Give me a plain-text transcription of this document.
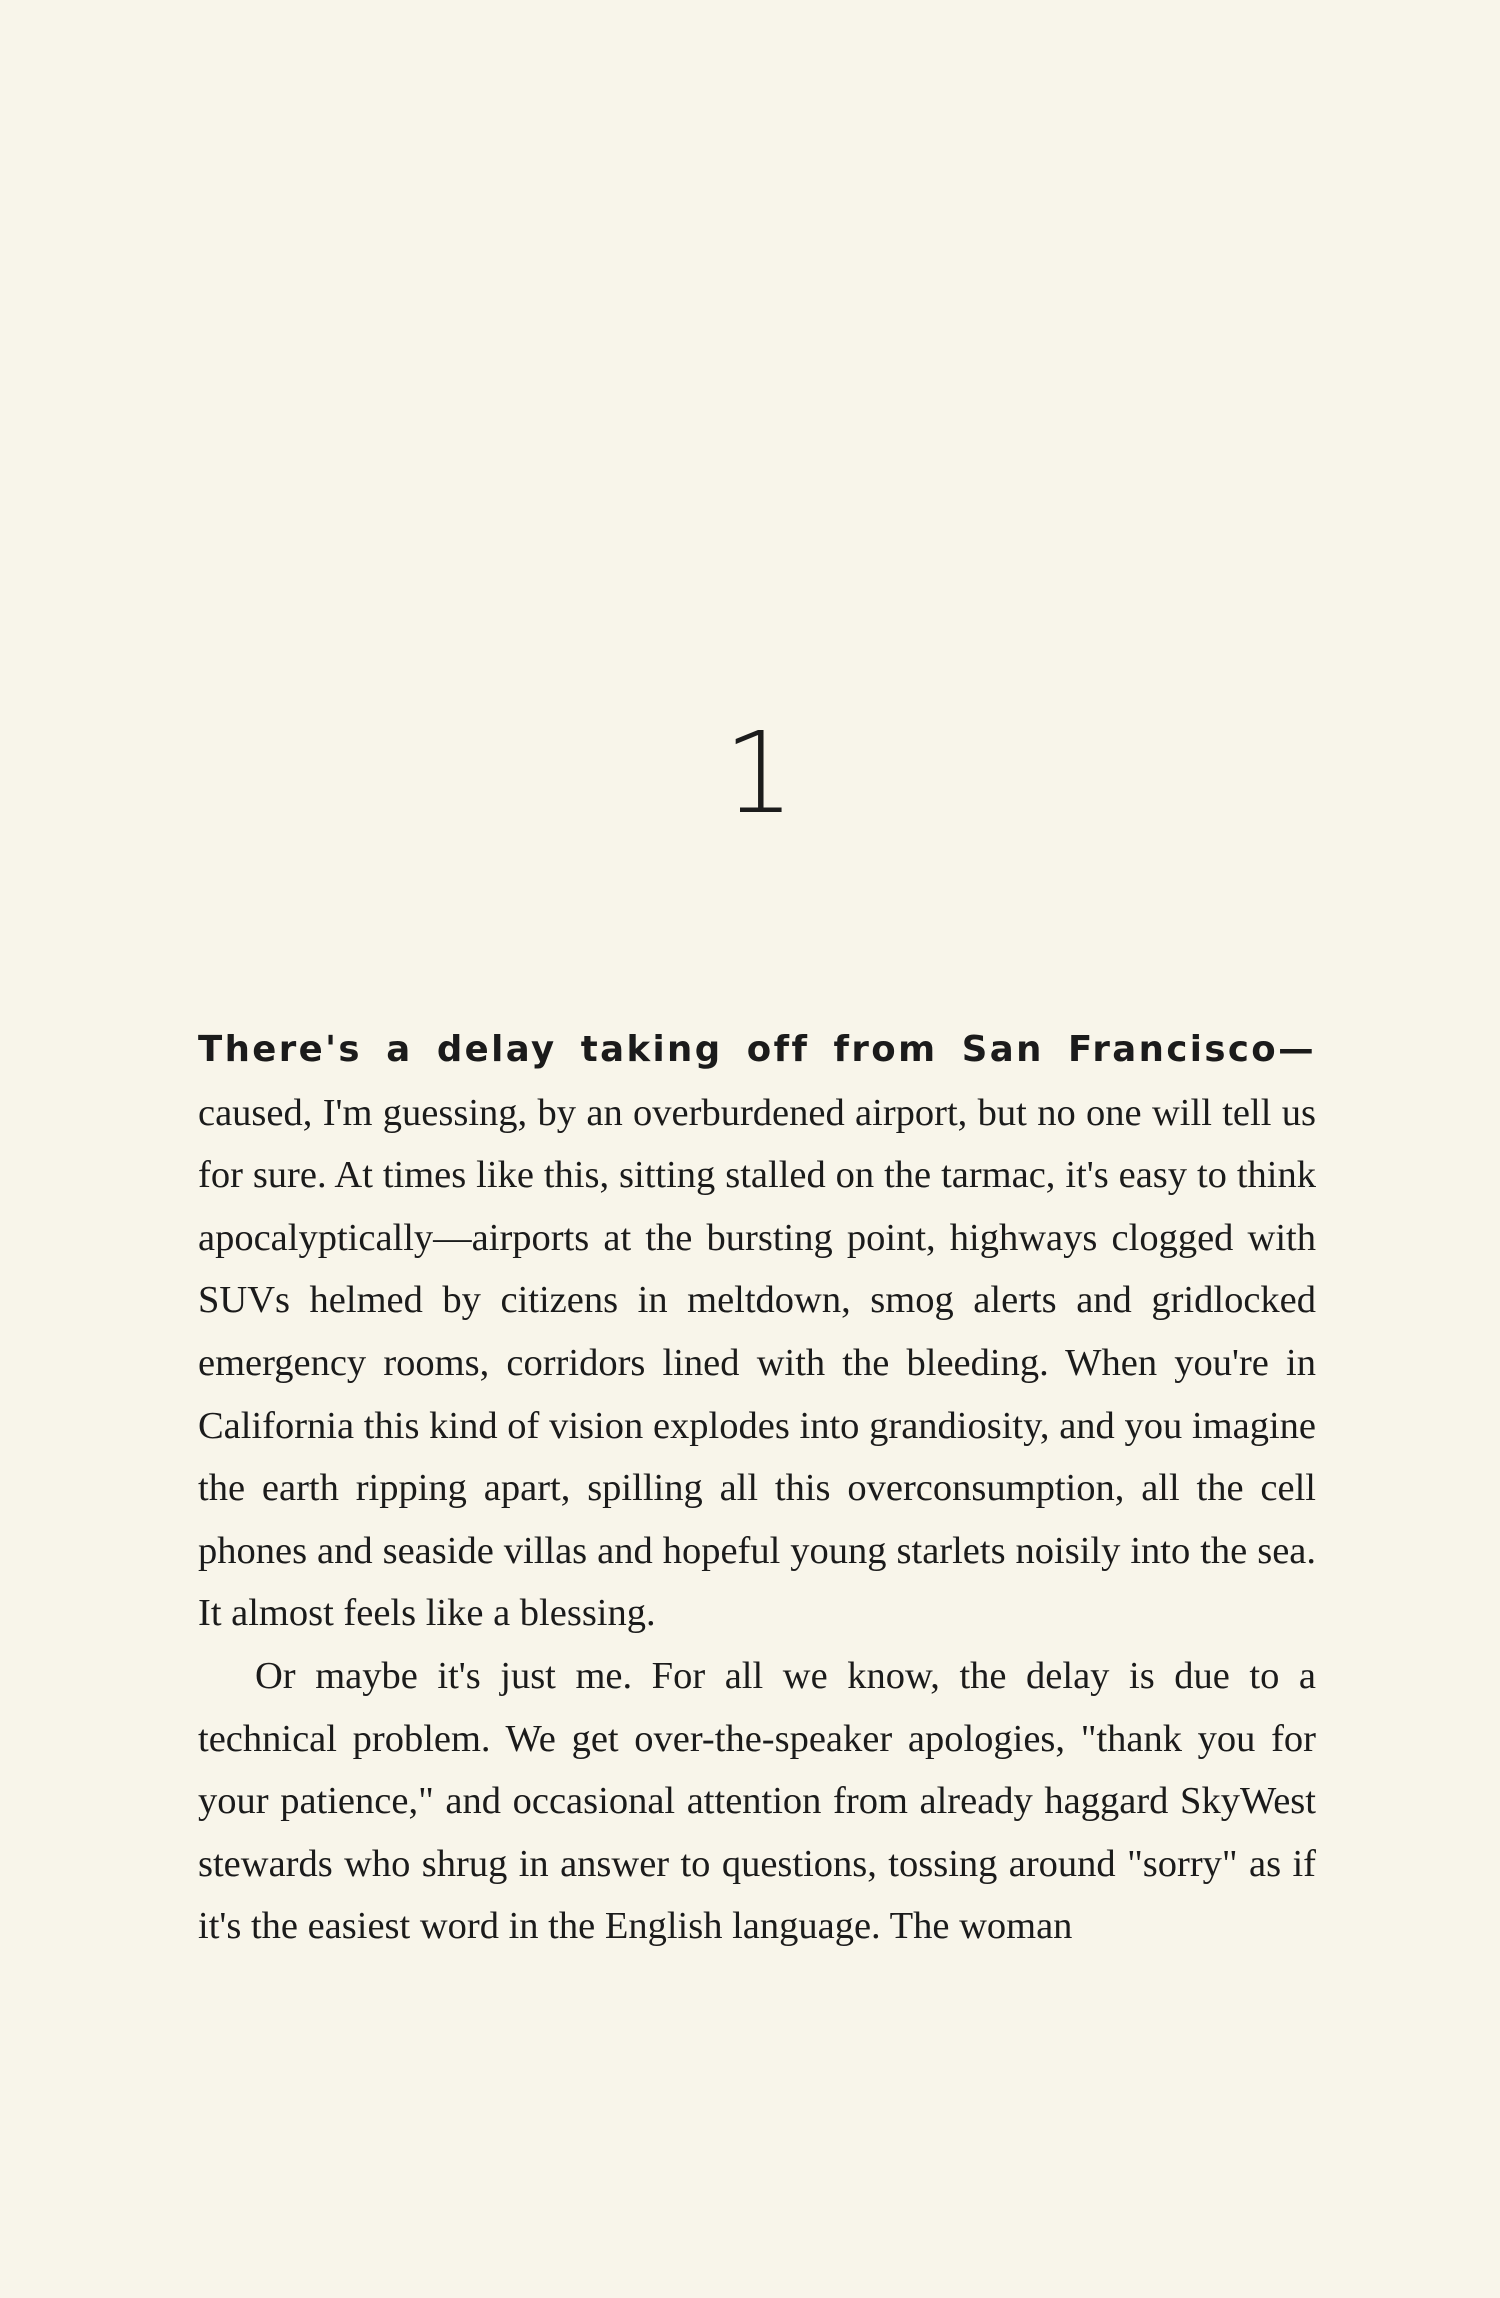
1

There's a delay taking off from San Francisco—caused, I'm guessing, by an overburdened airport, but no one will tell us for sure. At times like this, sitting stalled on the tarmac, it's easy to think apocalyptically—airports at the bursting point, highways clogged with SUVs helmed by citizens in meltdown, smog alerts and gridlocked emergency rooms, corridors lined with the bleeding. When you're in California this kind of vision explodes into grandiosity, and you imagine the earth ripping apart, spilling all this overconsumption, all the cell phones and seaside villas and hopeful young starlets noisily into the sea. It almost feels like a blessing.

Or maybe it's just me. For all we know, the delay is due to a technical problem. We get over-the-speaker apologies, "thank you for your patience," and occasional attention from already haggard SkyWest stewards who shrug in answer to questions, tossing around "sorry" as if it's the easiest word in the English language. The woman
